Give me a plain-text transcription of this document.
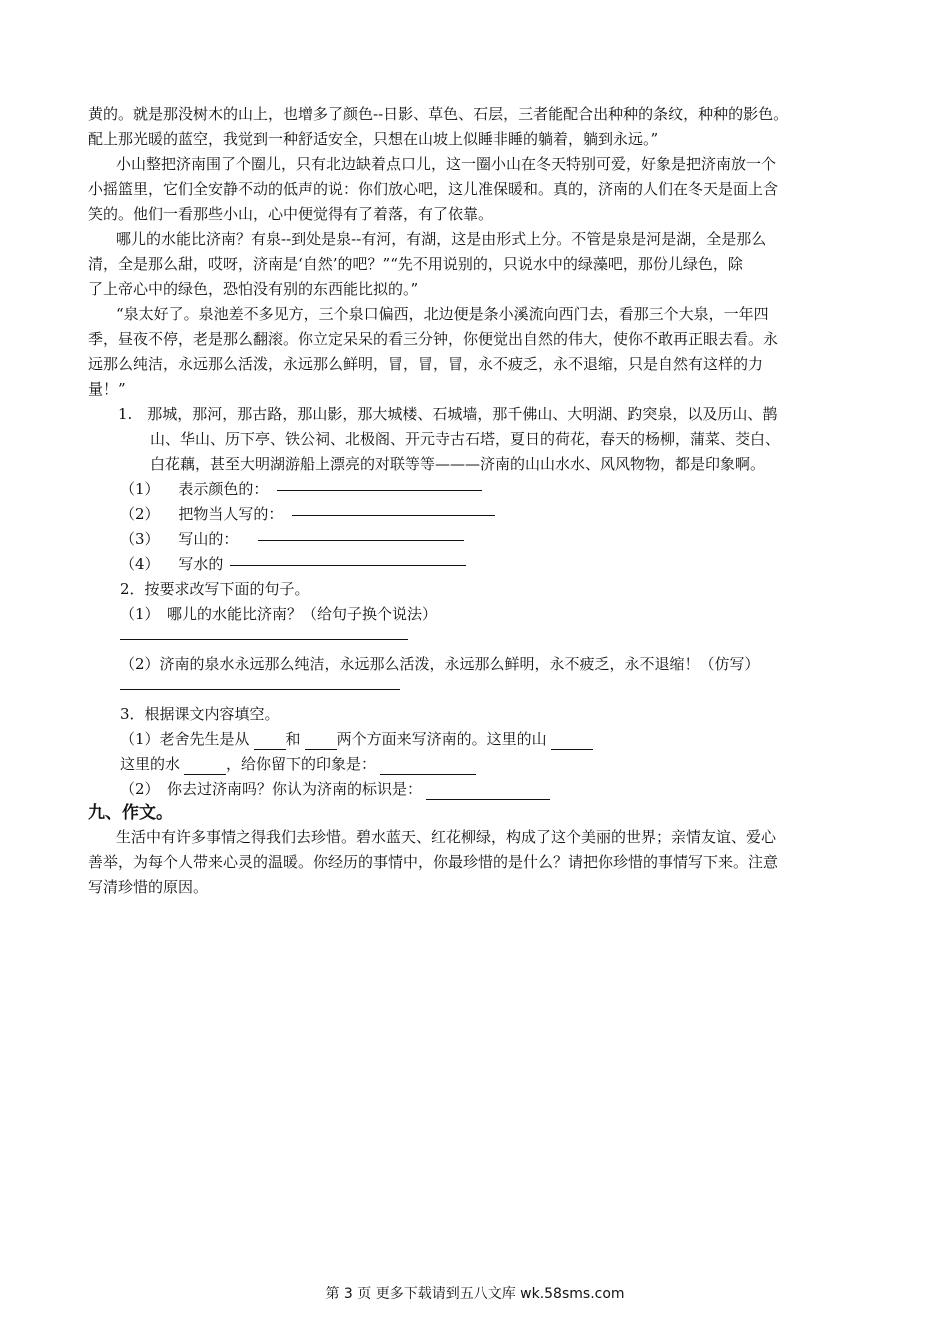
黄的。就是那没树木的山上，也增多了颜色--日影、草色、石层，三者能配合出种种的条纹，种种的影色。
配上那光暖的蓝空，我觉到一种舒适安全，只想在山坡上似睡非睡的躺着，躺到永远。”
小山整把济南围了个圈儿，只有北边缺着点口儿，这一圈小山在冬天特别可爱，好象是把济南放一个
小摇篮里，它们全安静不动的低声的说：你们放心吧，这儿准保暖和。真的，济南的人们在冬天是面上含
笑的。他们一看那些小山，心中便觉得有了着落，有了依靠。
哪儿的水能比济南？有泉--到处是泉--有河，有湖，这是由形式上分。不管是泉是河是湖，全是那么
清，全是那么甜，哎呀，济南是‘自然’的吧？”“先不用说别的，只说水中的绿藻吧，那份儿绿色，除
了上帝心中的绿色，恐怕没有别的东西能比拟的。”
“泉太好了。泉池差不多见方，三个泉口偏西，北边便是条小溪流向西门去，看那三个大泉，一年四
季，昼夜不停，老是那么翻滚。你立定呆呆的看三分钟，你便觉出自然的伟大，使你不敢再正眼去看。永
远那么纯洁，永远那么活泼，永远那么鲜明，冒，冒，冒，永不疲乏，永不退缩，只是自然有这样的力
量！”
1.　那城，那河，那古路，那山影，那大城楼、石城墙，那千佛山、大明湖、趵突泉，以及历山、鹊
山、华山、历下亭、铁公祠、北极阁、开元寺古石塔，夏日的荷花，春天的杨柳，蒲菜、茭白、
白花藕，甚至大明湖游船上漂亮的对联等等———济南的山山水水、风风物物，都是印象啊。
（1） 表示颜色的：
（2） 把物当人写的：
（3） 写山的：
（4） 写水的
2．按要求改写下面的句子。
（1）　哪儿的水能比济南？（给句子换个说法）
（2）济南的泉水永远那么纯洁，永远那么活泼，永远那么鲜明，永不疲乏，永不退缩！（仿写）
3．根据课文内容填空。
（1）老舍先生是从 和 两个方面来写济南的。这里的山
这里的水	，给你留下的印象是：
（2）　你去过济南吗？你认为济南的标识是：
九、作文。
生活中有许多事情之得我们去珍惜。碧水蓝天、红花柳绿，构成了这个美丽的世界；亲情友谊、爱心
善举，为每个人带来心灵的温暖。你经历的事情中，你最珍惜的是什么？请把你珍惜的事情写下来。注意
写清珍惜的原因。
第 3 页 更多下载请到五八文库 wk.58sms.com
